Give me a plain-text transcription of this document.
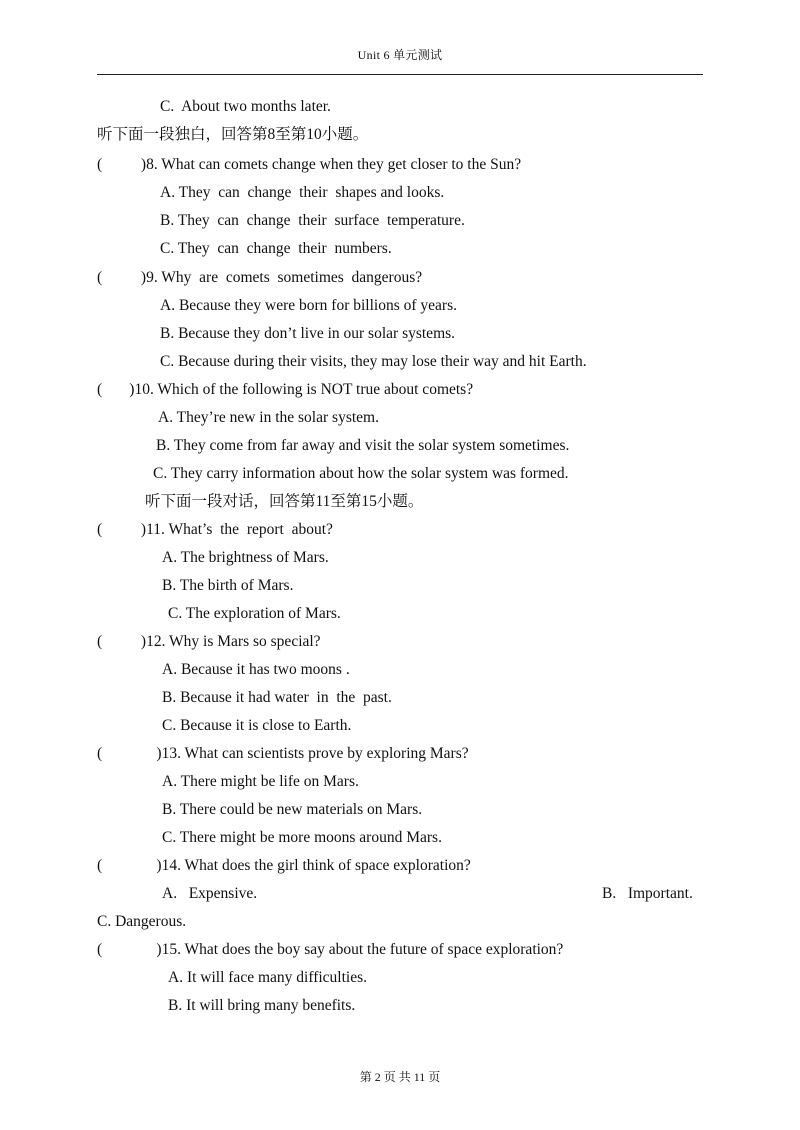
Unit 6 单元测试
C.  About two months later.
听下面一段独白，回答第8至第10小题。
(          )8. What can comets change when they get closer to the Sun?
A. They  can  change  their  shapes and looks.
B. They  can  change  their  surface  temperature.
C. They  can  change  their  numbers.
(          )9. Why  are  comets  sometimes  dangerous?
A. Because they were born for billions of years.
B. Because they don’t live in our solar systems.
C. Because during their visits, they may lose their way and hit Earth.
(       )10. Which of the following is NOT true about comets?
A. They’re new in the solar system.
B. They come from far away and visit the solar system sometimes.
C. They carry information about how the solar system was formed.
听下面一段对话，回答第11至第15小题。
(          )11. What’s  the  report  about?
A. The brightness of Mars.
B. The birth of Mars.
C. The exploration of Mars.
(          )12. Why is Mars so special?
A. Because it has two moons .
B. Because it had water  in  the  past.
C. Because it is close to Earth.
(              )13. What can scientists prove by exploring Mars?
A. There might be life on Mars.
B. There could be new materials on Mars.
C. There might be more moons around Mars.
(              )14. What does the girl think of space exploration?
A.   Expensive.	B.   Important.
C. Dangerous.
(              )15. What does the boy say about the future of space exploration?
A. It will face many difficulties.
B. It will bring many benefits.
第 2 页 共 11 页
